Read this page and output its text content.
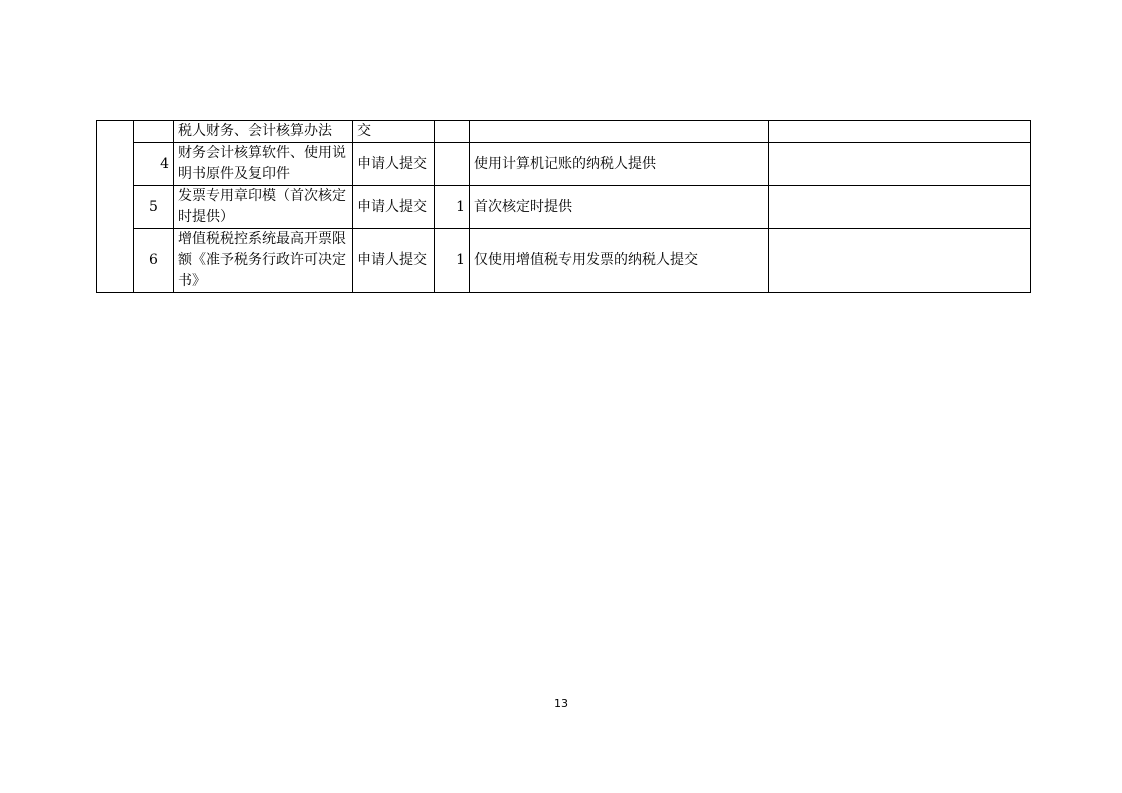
		税人财务、会计核算办法	交			
	4	财务会计核算软件、使用说明书原件及复印件	申请人提交		使用计算机记账的纳税人提供	
	5	发票专用章印模（首次核定时提供）	申请人提交	1	首次核定时提供	
	6	增值税税控系统最高开票限额《准予税务行政许可决定书》	申请人提交	1	仅使用增值税专用发票的纳税人提交	
13
